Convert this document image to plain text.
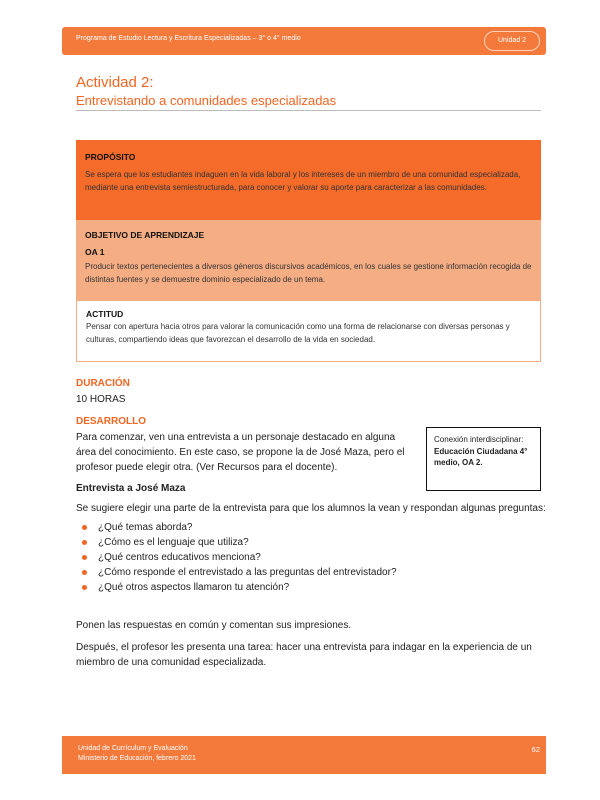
Programa de Estudio Lectura y Escritura Especializadas – 3° o 4° medio	Unidad 2
Actividad 2:
Entrevistando a comunidades especializadas
PROPÓSITO
Se espera que los estudiantes indaguen en la vida laboral y los intereses de un miembro de una comunidad especializada, mediante una entrevista semiestructurada, para conocer y valorar su aporte para caracterizar a las comunidades.
OBJETIVO DE APRENDIZAJE
OA 1
Producir textos pertenecientes a diversos géneros discursivos académicos, en los cuales se gestione información recogida de distintas fuentes y se demuestre dominio especializado de un tema.
ACTITUD
Pensar con apertura hacia otros para valorar la comunicación como una forma de relacionarse con diversas personas y culturas, compartiendo ideas que favorezcan el desarrollo de la vida en sociedad.
DURACIÓN
10 HORAS
DESARROLLO
Para comenzar, ven una entrevista a un personaje destacado en alguna área del conocimiento. En este caso, se propone la de José Maza, pero el profesor puede elegir otra. (Ver Recursos para el docente).
Conexión interdisciplinar:
Educación Ciudadana 4° medio, OA 2.
Entrevista a José Maza
Se sugiere elegir una parte de la entrevista para que los alumnos la vean y respondan algunas preguntas:
¿Qué temas aborda?
¿Cómo es el lenguaje que utiliza?
¿Qué centros educativos menciona?
¿Cómo responde el entrevistado a las preguntas del entrevistador?
¿Qué otros aspectos llamaron tu atención?
Ponen las respuestas en común y comentan sus impresiones.
Después, el profesor les presenta una tarea: hacer una entrevista para indagar en la experiencia de un miembro de una comunidad especializada.
Unidad de Currículum y Evaluación
Ministerio de Educación, febrero 2021
62
